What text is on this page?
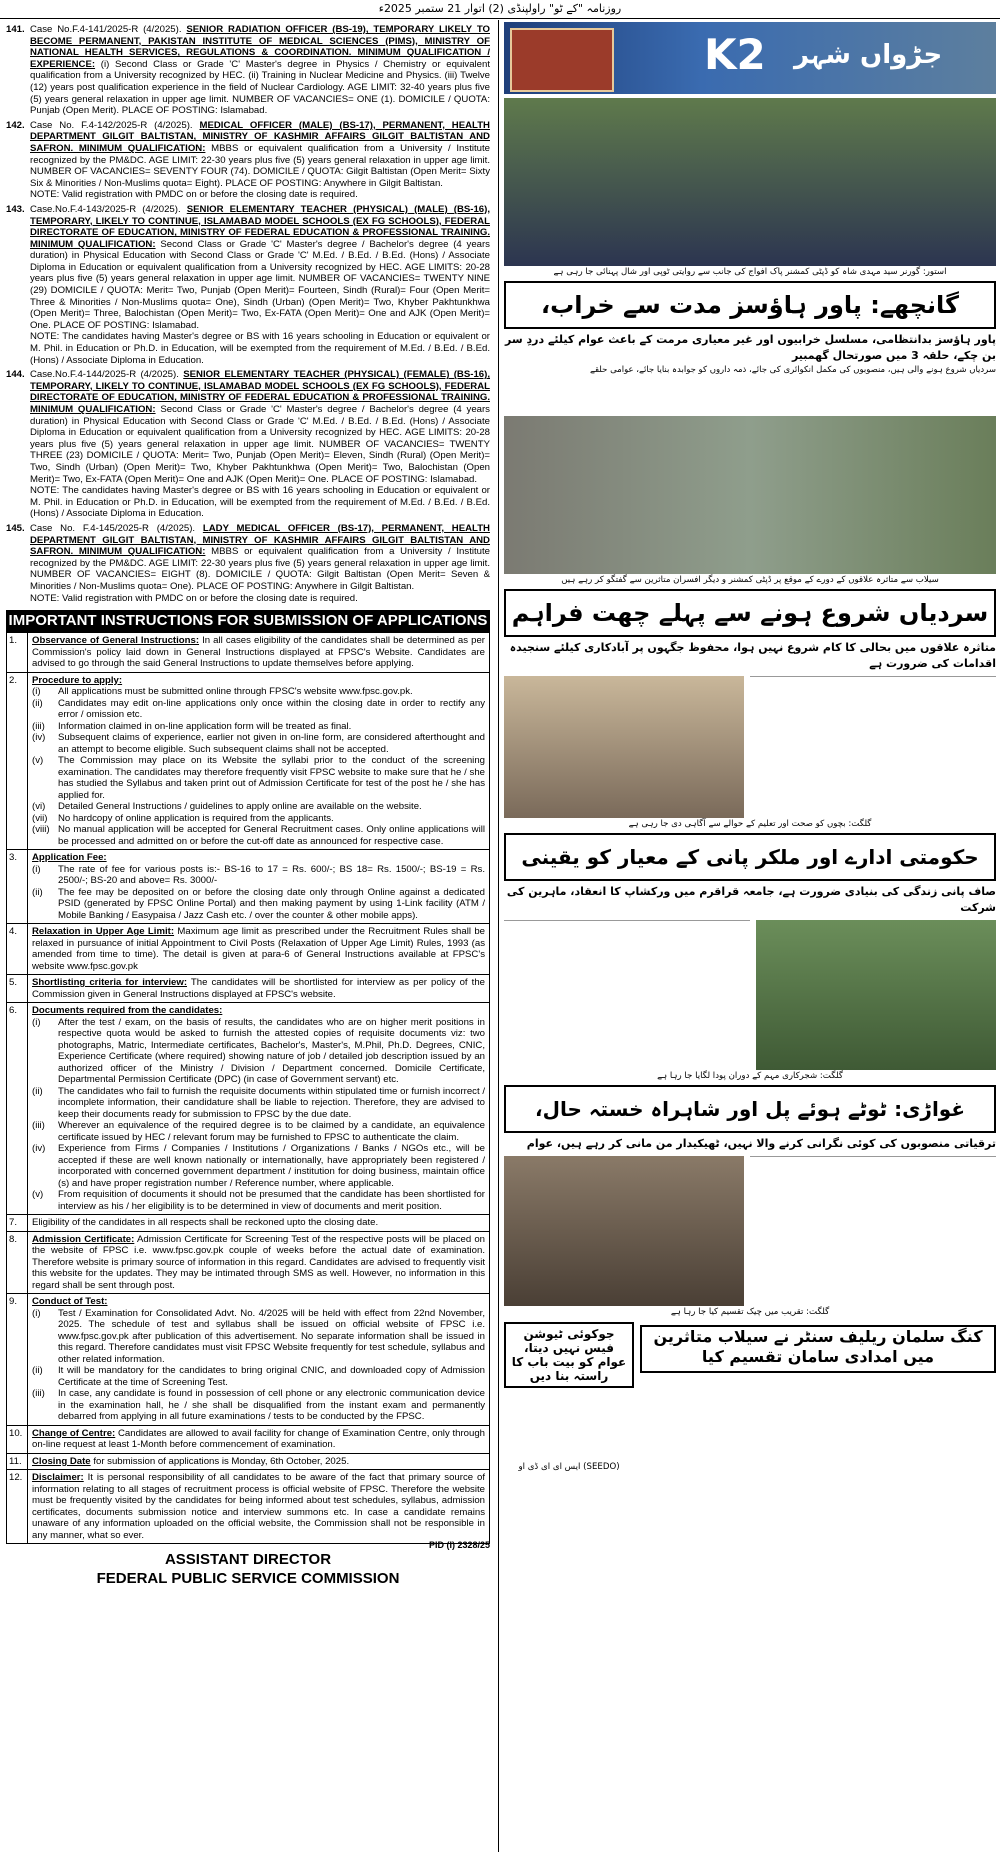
روزنامہ "کے ٹو" راولپنڈی (2) اتوار 21 ستمبر 2025ء
141. Case No.F.4-141/2025-R (4/2025). SENIOR RADIATION OFFICER (BS-19), TEMPORARY LIKELY TO BECOME PERMANENT, PAKISTAN INSTITUTE OF MEDICAL SCIENCES (PIMS), MINISTRY OF NATIONAL HEALTH SERVICES, REGULATIONS & COORDINATION. MINIMUM QUALIFICATION / EXPERIENCE: (i) Second Class or Grade 'C' Master's degree in Physics / Chemistry or equivalent qualification from a University recognized by HEC. (ii) Training in Nuclear Medicine and Physics. (iii) Twelve (12) years post qualification experience in the field of Nuclear Cardiology. AGE LIMIT: 32-40 years plus five (5) years general relaxation in upper age limit. NUMBER OF VACANCIES= ONE (1). DOMICILE / QUOTA: Punjab (Open Merit). PLACE OF POSTING: Islamabad.
142. Case No. F.4-142/2025-R (4/2025). MEDICAL OFFICER (MALE) (BS-17), PERMANENT, HEALTH DEPARTMENT GILGIT BALTISTAN, MINISTRY OF KASHMIR AFFAIRS GILGIT BALTISTAN AND SAFRON. MINIMUM QUALIFICATION: MBBS or equivalent qualification from a University / Institute recognized by the PM&DC. AGE LIMIT: 22-30 years plus five (5) years general relaxation in upper age limit. NUMBER OF VACANCIES= SEVENTY FOUR (74). DOMICILE / QUOTA: Gilgit Baltistan (Open Merit= Sixty Six & Minorities / Non-Muslims quota= Eight). PLACE OF POSTING: Anywhere in Gilgit Baltistan.
NOTE: Valid registration with PMDC on or before the closing date is required.
143. Case.No.F.4-143/2025-R (4/2025). SENIOR ELEMENTARY TEACHER (PHYSICAL) (MALE) (BS-16), TEMPORARY, LIKELY TO CONTINUE, ISLAMABAD MODEL SCHOOLS (EX FG SCHOOLS), FEDERAL DIRECTORATE OF EDUCATION, MINISTRY OF FEDERAL EDUCATION & PROFESSIONAL TRAINING. MINIMUM QUALIFICATION: Second Class or Grade 'C' Master's degree / Bachelor's degree (4 years duration) in Physical Education with Second Class or Grade 'C' M.Ed. / B.Ed. / B.Ed. (Hons) / Associate Diploma in Education or equivalent qualification from a University recognized by HEC. AGE LIMITS: 20-28 years plus five (5) years general relaxation in upper age limit. NUMBER OF VACANCIES= TWENTY NINE (29) DOMICILE / QUOTA: Merit= Two, Punjab (Open Merit)= Fourteen, Sindh (Rural)= Four (Open Merit= Three & Minorities / Non-Muslims quota= One), Sindh (Urban) (Open Merit)= Two, Khyber Pakhtunkhwa (Open Merit)= Three, Balochistan (Open Merit)= Two, Ex-FATA (Open Merit)= One and AJK (Open Merit)= One. PLACE OF POSTING: Islamabad.
NOTE: The candidates having Master's degree or BS with 16 years schooling in Education or equivalent or M. Phil. in Education or Ph.D. in Education, will be exempted from the requirement of M.Ed. / B.Ed. / B.Ed. (Hons) / Associate Diploma in Education.
144. Case.No.F.4-144/2025-R (4/2025). SENIOR ELEMENTARY TEACHER (PHYSICAL) (FEMALE) (BS-16), TEMPORARY, LIKELY TO CONTINUE, ISLAMABAD MODEL SCHOOLS (EX FG SCHOOLS), FEDERAL DIRECTORATE OF EDUCATION, MINISTRY OF FEDERAL EDUCATION & PROFESSIONAL TRAINING. MINIMUM QUALIFICATION: Second Class or Grade 'C' Master's degree / Bachelor's degree (4 years duration) in Physical Education with Second Class or Grade 'C' M.Ed. / B.Ed. / B.Ed. (Hons) / Associate Diploma in Education or equivalent qualification from a University recognized by HEC. AGE LIMITS: 20-28 years plus five (5) years general relaxation in upper age limit. NUMBER OF VACANCIES= TWENTY THREE (23) DOMICILE / QUOTA: Merit= Two, Punjab (Open Merit)= Eleven, Sindh (Rural) (Open Merit)= Two, Sindh (Urban) (Open Merit)= Two, Khyber Pakhtunkhwa (Open Merit)= Two, Balochistan (Open Merit)= Two, Ex-FATA (Open Merit)= One and AJK (Open Merit)= One. PLACE OF POSTING: Islamabad.
NOTE: The candidates having Master's degree or BS with 16 years schooling in Education or equivalent or M. Phil. in Education or Ph.D. in Education, will be exempted from the requirement of M.Ed. / B.Ed. / B.Ed. (Hons) / Associate Diploma in Education.
145. Case No. F.4-145/2025-R (4/2025). LADY MEDICAL OFFICER (BS-17), PERMANENT, HEALTH DEPARTMENT GILGIT BALTISTAN, MINISTRY OF KASHMIR AFFAIRS GILGIT BALTISTAN AND SAFRON. MINIMUM QUALIFICATION: MBBS or equivalent qualification from a University / Institute recognized by the PM&DC. AGE LIMIT: 22-30 years plus five (5) years general relaxation in upper age limit. NUMBER OF VACANCIES= EIGHT (8). DOMICILE / QUOTA: Gilgit Baltistan (Open Merit= Seven & Minorities / Non-Muslims quota= One). PLACE OF POSTING: Anywhere in Gilgit Baltistan.
NOTE: Valid registration with PMDC on or before the closing date is required.
IMPORTANT INSTRUCTIONS FOR SUBMISSION OF APPLICATIONS
1.	Observance of General Instructions: In all cases eligibility of the candidates shall be determined as per Commission's policy laid down in General Instructions displayed at FPSC's Website. Candidates are advised to go through the said General Instructions to update themselves before applying.
2.	Procedure to apply:
(i)	All applications must be submitted online through FPSC's website www.fpsc.gov.pk.
(ii)	Candidates may edit on-line applications only once within the closing date in order to rectify any error / omission etc.
(iii)	Information claimed in on-line application form will be treated as final.
(iv)	Subsequent claims of experience, earlier not given in on-line form, are considered afterthought and an attempt to become eligible. Such subsequent claims shall not be accepted.
(v)	The Commission may place on its Website the syllabi prior to the conduct of the screening examination. The candidates may therefore frequently visit FPSC website to make sure that he / she has studied the Syllabus and taken print out of Admission Certificate for test of the post he / she has applied for.
(vi)	Detailed General Instructions / guidelines to apply online are available on the website.
(vii)	No hardcopy of online application is required from the applicants.
(viii) No manual application will be accepted for General Recruitment cases. Only online applications will be processed and admitted on or before the cut-off date as announced for respective case.
3.	Application Fee:
(i)	The rate of fee for various posts is:- BS-16 to 17 = Rs. 600/-; BS 18= Rs. 1500/-; BS-19 = Rs. 2500/-; BS-20 and above= Rs. 3000/-
(ii)	The fee may be deposited on or before the closing date only through Online against a dedicated PSID (generated by FPSC Online Portal) and then making payment by using 1-Link facility (ATM / Mobile Banking / Easypaisa / Jazz Cash etc. / over the counter & other mobile apps).
4.	Relaxation in Upper Age Limit: Maximum age limit as prescribed under the Recruitment Rules shall be relaxed in pursuance of initial Appointment to Civil Posts (Relaxation of Upper Age Limit) Rules, 1993 (as amended from time to time). The detail is given at para-6 of General Instructions available at FPSC's website www.fpsc.gov.pk
5.	Shortlisting criteria for interview: The candidates will be shortlisted for interview as per policy of the Commission given in General Instructions displayed at FPSC's website.
6.	Documents required from the candidates:
(i)	After the test / exam, on the basis of results, the candidates who are on higher merit positions in respective quota would be asked to furnish the attested copies of requisite documents viz: two photographs, Matric, Intermediate certificates, Bachelor's, Master's, M.Phil, Ph.D. Degrees, CNIC, Experience Certificate (where required) showing nature of job / detailed job description issued by an authorized officer of the Ministry / Division / Department concerned. Domicile Certificate, Departmental Permission Certificate (DPC) (in case of Government servant) etc.
(ii)	The candidates who fail to furnish the requisite documents within stipulated time or furnish incorrect / incomplete information, their candidature shall be liable to rejection. Therefore, they are advised to keep their documents ready for submission to FPSC by the due date.
(iii)	Wherever an equivalence of the required degree is to be claimed by a candidate, an equivalence certificate issued by HEC / relevant forum may be furnished to FPSC to authenticate the claim.
(iv)	Experience from Firms / Companies / Institutions / Organizations / Banks / NGOs etc., will be accepted if these are well known nationally or internationally, have appropriately been registered / incorporated with concerned government department / institution for doing business, maintain office (s) and have proper registration number / Reference number, where applicable.
(v)	From requisition of documents it should not be presumed that the candidate has been shortlisted for interview as his / her eligibility is to be determined in view of documents and merit position.
7.	Eligibility of the candidates in all respects shall be reckoned upto the closing date.
8.	Admission Certificate: Admission Certificate for Screening Test of the respective posts will be placed on the website of FPSC i.e. www.fpsc.gov.pk couple of weeks before the actual date of examination. Therefore website is primary source of information in this regard. Candidates are advised to frequently visit this website for the updates. They may be intimated through SMS as well. However, no information in this regard shall be sent through post.
9.	Conduct of Test:
(i)	Test / Examination for Consolidated Advt. No. 4/2025 will be held with effect from 22nd November, 2025. The schedule of test and syllabus shall be issued on official website of FPSC i.e. www.fpsc.gov.pk after publication of this advertisement. No separate information shall be issued in this regard. Therefore candidates must visit FPSC Website frequently for test schedule, syllabus and other related information.
(ii)	It will be mandatory for the candidates to bring original CNIC, and downloaded copy of Admission Certificate at the time of Screening Test.
(iii)	In case, any candidate is found in possession of cell phone or any electronic communication device in the examination hall, he / she shall be disqualified from the instant exam and permanently debarred from applying in all future examinations / tests to be conducted by the FPSC.
10.	Change of Centre: Candidates are allowed to avail facility for change of Examination Centre, only through on-line request at least 1-Month before commencement of examination.
11.	Closing Date for submission of applications is Monday, 6th October, 2025.
12.	Disclaimer: It is personal responsibility of all candidates to be aware of the fact that primary source of information relating to all stages of recruitment process is official website of FPSC. Therefore the website must be frequently visited by the candidates for being informed about test schedules, syllabus, admission certificates, documents submission notice and interview summons etc. In case a candidate remains unaware of any information uploaded on the official website, the Commission shall not be responsible in any manner, what so ever.
PID (I) 2328/25
ASSISTANT DIRECTOR
FEDERAL PUBLIC SERVICE COMMISSION
K2 جڑواں شہر
استور: گورنر سید مہدی شاہ کو ڈپٹی کمشنر پاک افواج کی جانب سے روایتی ٹوپی اور شال پہنائی جا رہی ہے
گانچھے: پاور ہاؤسز مدت سے خراب،
پاور ہاؤسز بدانتظامی، مسلسل خرابیوں اور غیر معیاری مرمت کے باعث عوام کیلئے دردِ سر بن چکے، حلقہ 3 میں صورتحال گھمبیر
سردیاں شروع ہونے والی ہیں، منصوبوں کی مکمل انکوائری کی جائے، ذمہ داروں کو جوابدہ بنایا جائے، عوامی حلقے
سیلاب سے متاثرہ علاقوں کے دورے کے موقع پر ڈپٹی کمشنر و دیگر افسران متاثرین سے گفتگو کر رہے ہیں
سردیاں شروع ہونے سے پہلے چھت فراہم
متاثرہ علاقوں میں بحالی کا کام شروع نہیں ہوا، محفوظ جگہوں پر آبادکاری کیلئے سنجیدہ اقدامات کی ضرورت ہے
گلگت: بچوں کو صحت اور تعلیم کے حوالے سے آگاہی دی جا رہی ہے
حکومتی ادارے اور ملکر پانی کے معیار کو یقینی
صاف پانی زندگی کی بنیادی ضرورت ہے، جامعہ قراقرم میں ورکشاپ کا انعقاد، ماہرین کی شرکت
گلگت: شجرکاری مہم کے دوران پودا لگایا جا رہا ہے
غواڑی: ٹوٹے ہوئے پل اور شاہراہ خستہ حال،
ترقیاتی منصوبوں کی کوئی نگرانی کرنے والا نہیں، ٹھیکیدار من مانی کر رہے ہیں، عوام
گلگت: تقریب میں چیک تقسیم کیا جا رہا ہے
جوکوئی ٹیوشن فیس نہیں دیتا، عوام کو بیت باب کا راستہ بنا دیں
ایس ای ای ڈی او (SEEDO)
کنگ سلمان ریلیف سنٹر نے سیلاب متاثرین میں امدادی سامان تقسیم کیا
